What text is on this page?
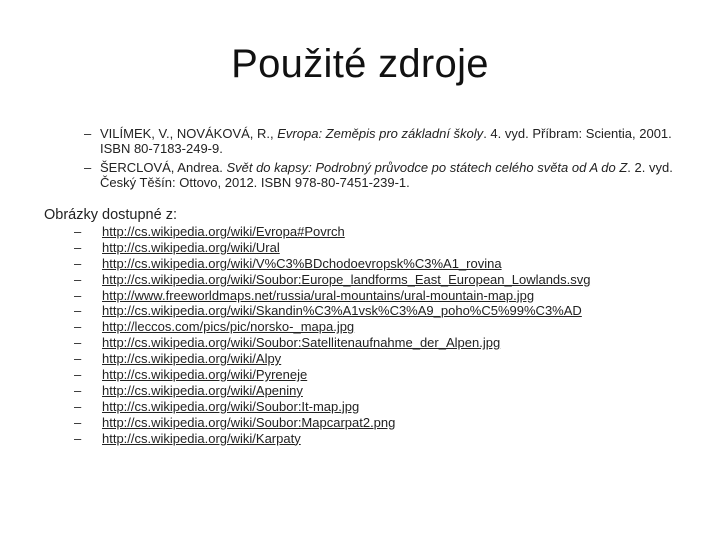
Použité zdroje
– VILÍMEK, V., NOVÁKOVÁ, R., Evropa: Zeměpis pro základní školy. 4. vyd. Příbram: Scientia, 2001. ISBN 80-7183-249-9.
– ŠERCLOVÁ, Andrea. Svět do kapsy: Podrobný průvodce po státech celého světa od A do Z. 2. vyd. Český Těšín: Ottovo, 2012. ISBN 978-80-7451-239-1.
Obrázky dostupné z:
– http://cs.wikipedia.org/wiki/Evropa#Povrch
– http://cs.wikipedia.org/wiki/Ural
– http://cs.wikipedia.org/wiki/V%C3%BDchodoevropsk%C3%A1_rovina
– http://cs.wikipedia.org/wiki/Soubor:Europe_landforms_East_European_Lowlands.svg
– http://www.freeworldmaps.net/russia/ural-mountains/ural-mountain-map.jpg
– http://cs.wikipedia.org/wiki/Skandin%C3%A1vsk%C3%A9_poho%C5%99%C3%AD
– http://leccos.com/pics/pic/norsko-_mapa.jpg
– http://cs.wikipedia.org/wiki/Soubor:Satellitenaufnahme_der_Alpen.jpg
– http://cs.wikipedia.org/wiki/Alpy
– http://cs.wikipedia.org/wiki/Pyreneje
– http://cs.wikipedia.org/wiki/Apeniny
– http://cs.wikipedia.org/wiki/Soubor:It-map.jpg
– http://cs.wikipedia.org/wiki/Soubor:Mapcarpat2.png
– http://cs.wikipedia.org/wiki/Karpaty
